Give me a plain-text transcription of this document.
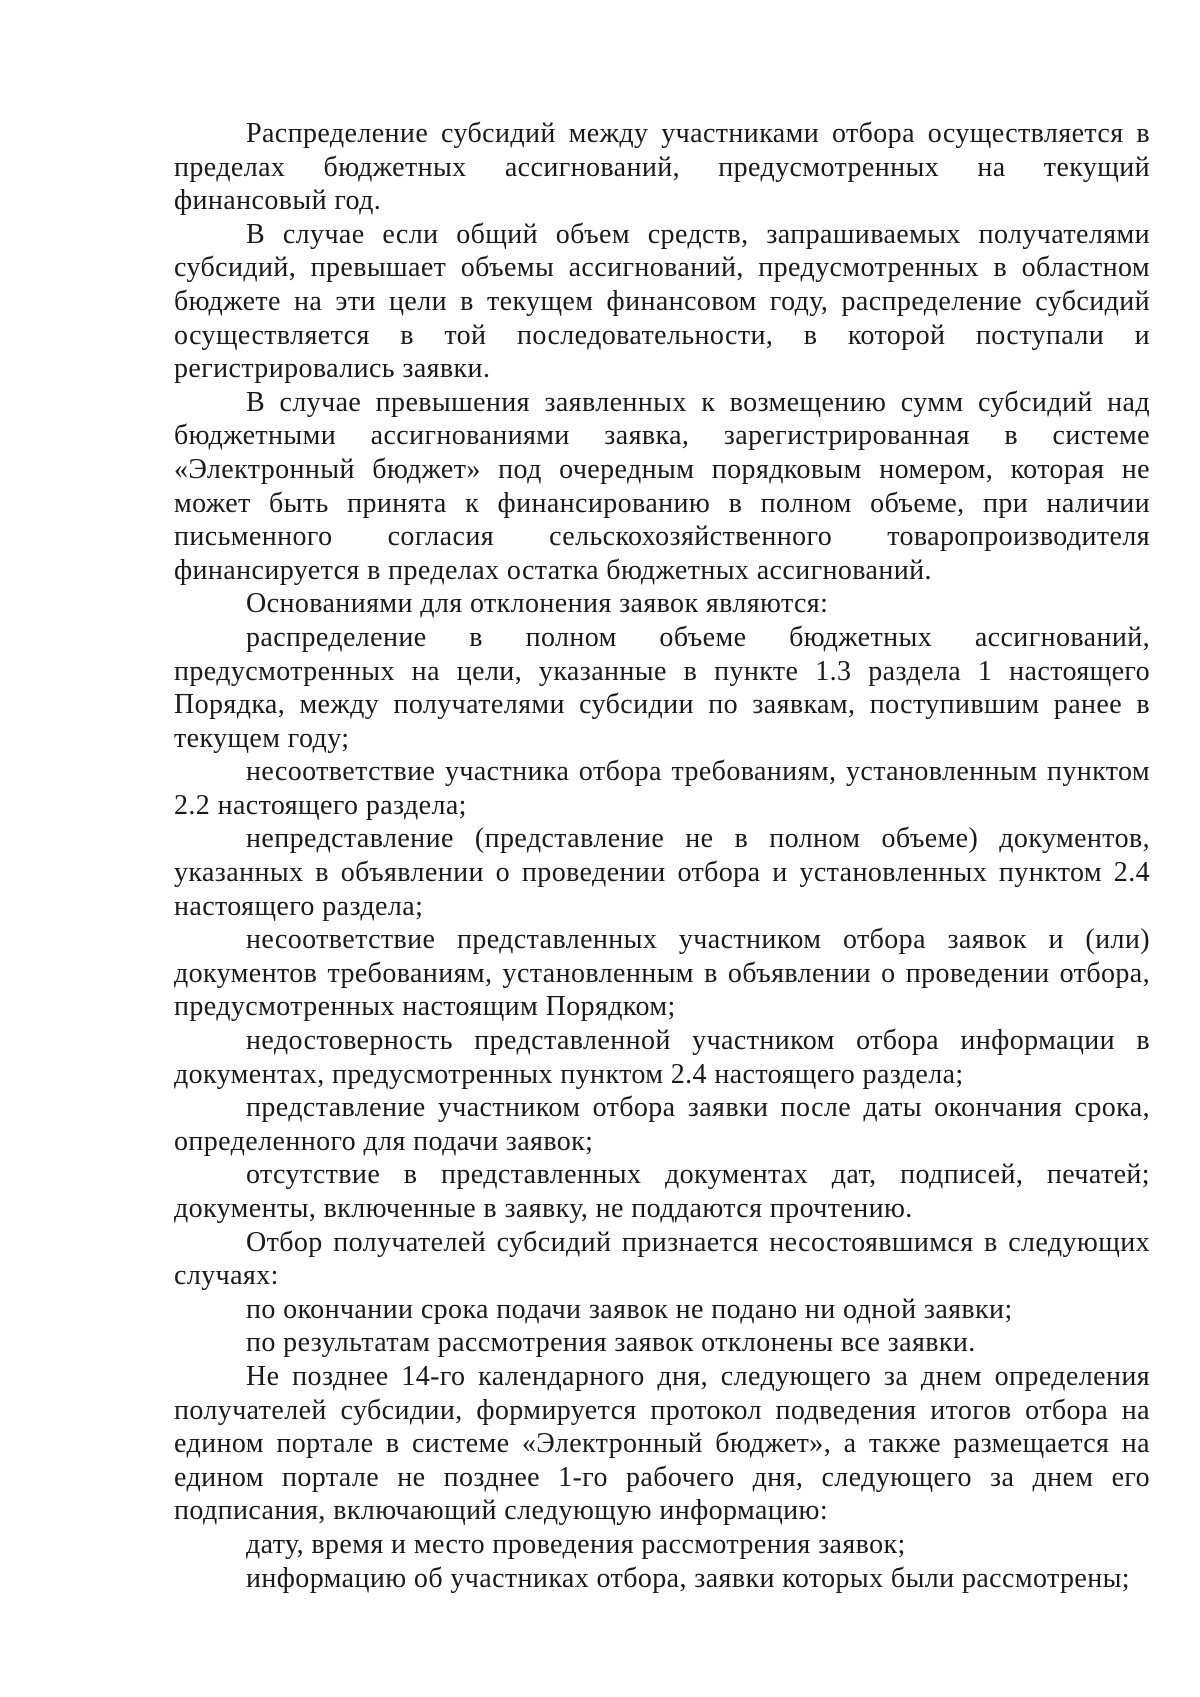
Распределение субсидий между участниками отбора осуществляется в пределах бюджетных ассигнований, предусмотренных на текущий финансовый год.

В случае если общий объем средств, запрашиваемых получателями субсидий, превышает объемы ассигнований, предусмотренных в областном бюджете на эти цели в текущем финансовом году, распределение субсидий осуществляется в той последовательности, в которой поступали и регистрировались заявки.

В случае превышения заявленных к возмещению сумм субсидий над бюджетными ассигнованиями заявка, зарегистрированная в системе «Электронный бюджет» под очередным порядковым номером, которая не может быть принята к финансированию в полном объеме, при наличии письменного согласия сельскохозяйственного товаропроизводителя финансируется в пределах остатка бюджетных ассигнований.

Основаниями для отклонения заявок являются:

распределение в полном объеме бюджетных ассигнований, предусмотренных на цели, указанные в пункте 1.3 раздела 1 настоящего Порядка, между получателями субсидии по заявкам, поступившим ранее в текущем году;

несоответствие участника отбора требованиям, установленным пунктом 2.2 настоящего раздела;

непредставление (представление не в полном объеме) документов, указанных в объявлении о проведении отбора и установленных пунктом 2.4 настоящего раздела;

несоответствие представленных участником отбора заявок и (или) документов требованиям, установленным в объявлении о проведении отбора, предусмотренных настоящим Порядком;

недостоверность представленной участником отбора информации в документах, предусмотренных пунктом 2.4 настоящего раздела;

представление участником отбора заявки после даты окончания срока, определенного для подачи заявок;

отсутствие в представленных документах дат, подписей, печатей; документы, включенные в заявку, не поддаются прочтению.

Отбор получателей субсидий признается несостоявшимся в следующих случаях:

по окончании срока подачи заявок не подано ни одной заявки;

по результатам рассмотрения заявок отклонены все заявки.

Не позднее 14-го календарного дня, следующего за днем определения получателей субсидии, формируется протокол подведения итогов отбора на едином портале в системе «Электронный бюджет», а также размещается на едином портале не позднее 1-го рабочего дня, следующего за днем его подписания, включающий следующую информацию:

дату, время и место проведения рассмотрения заявок;

информацию об участниках отбора, заявки которых были рассмотрены;
